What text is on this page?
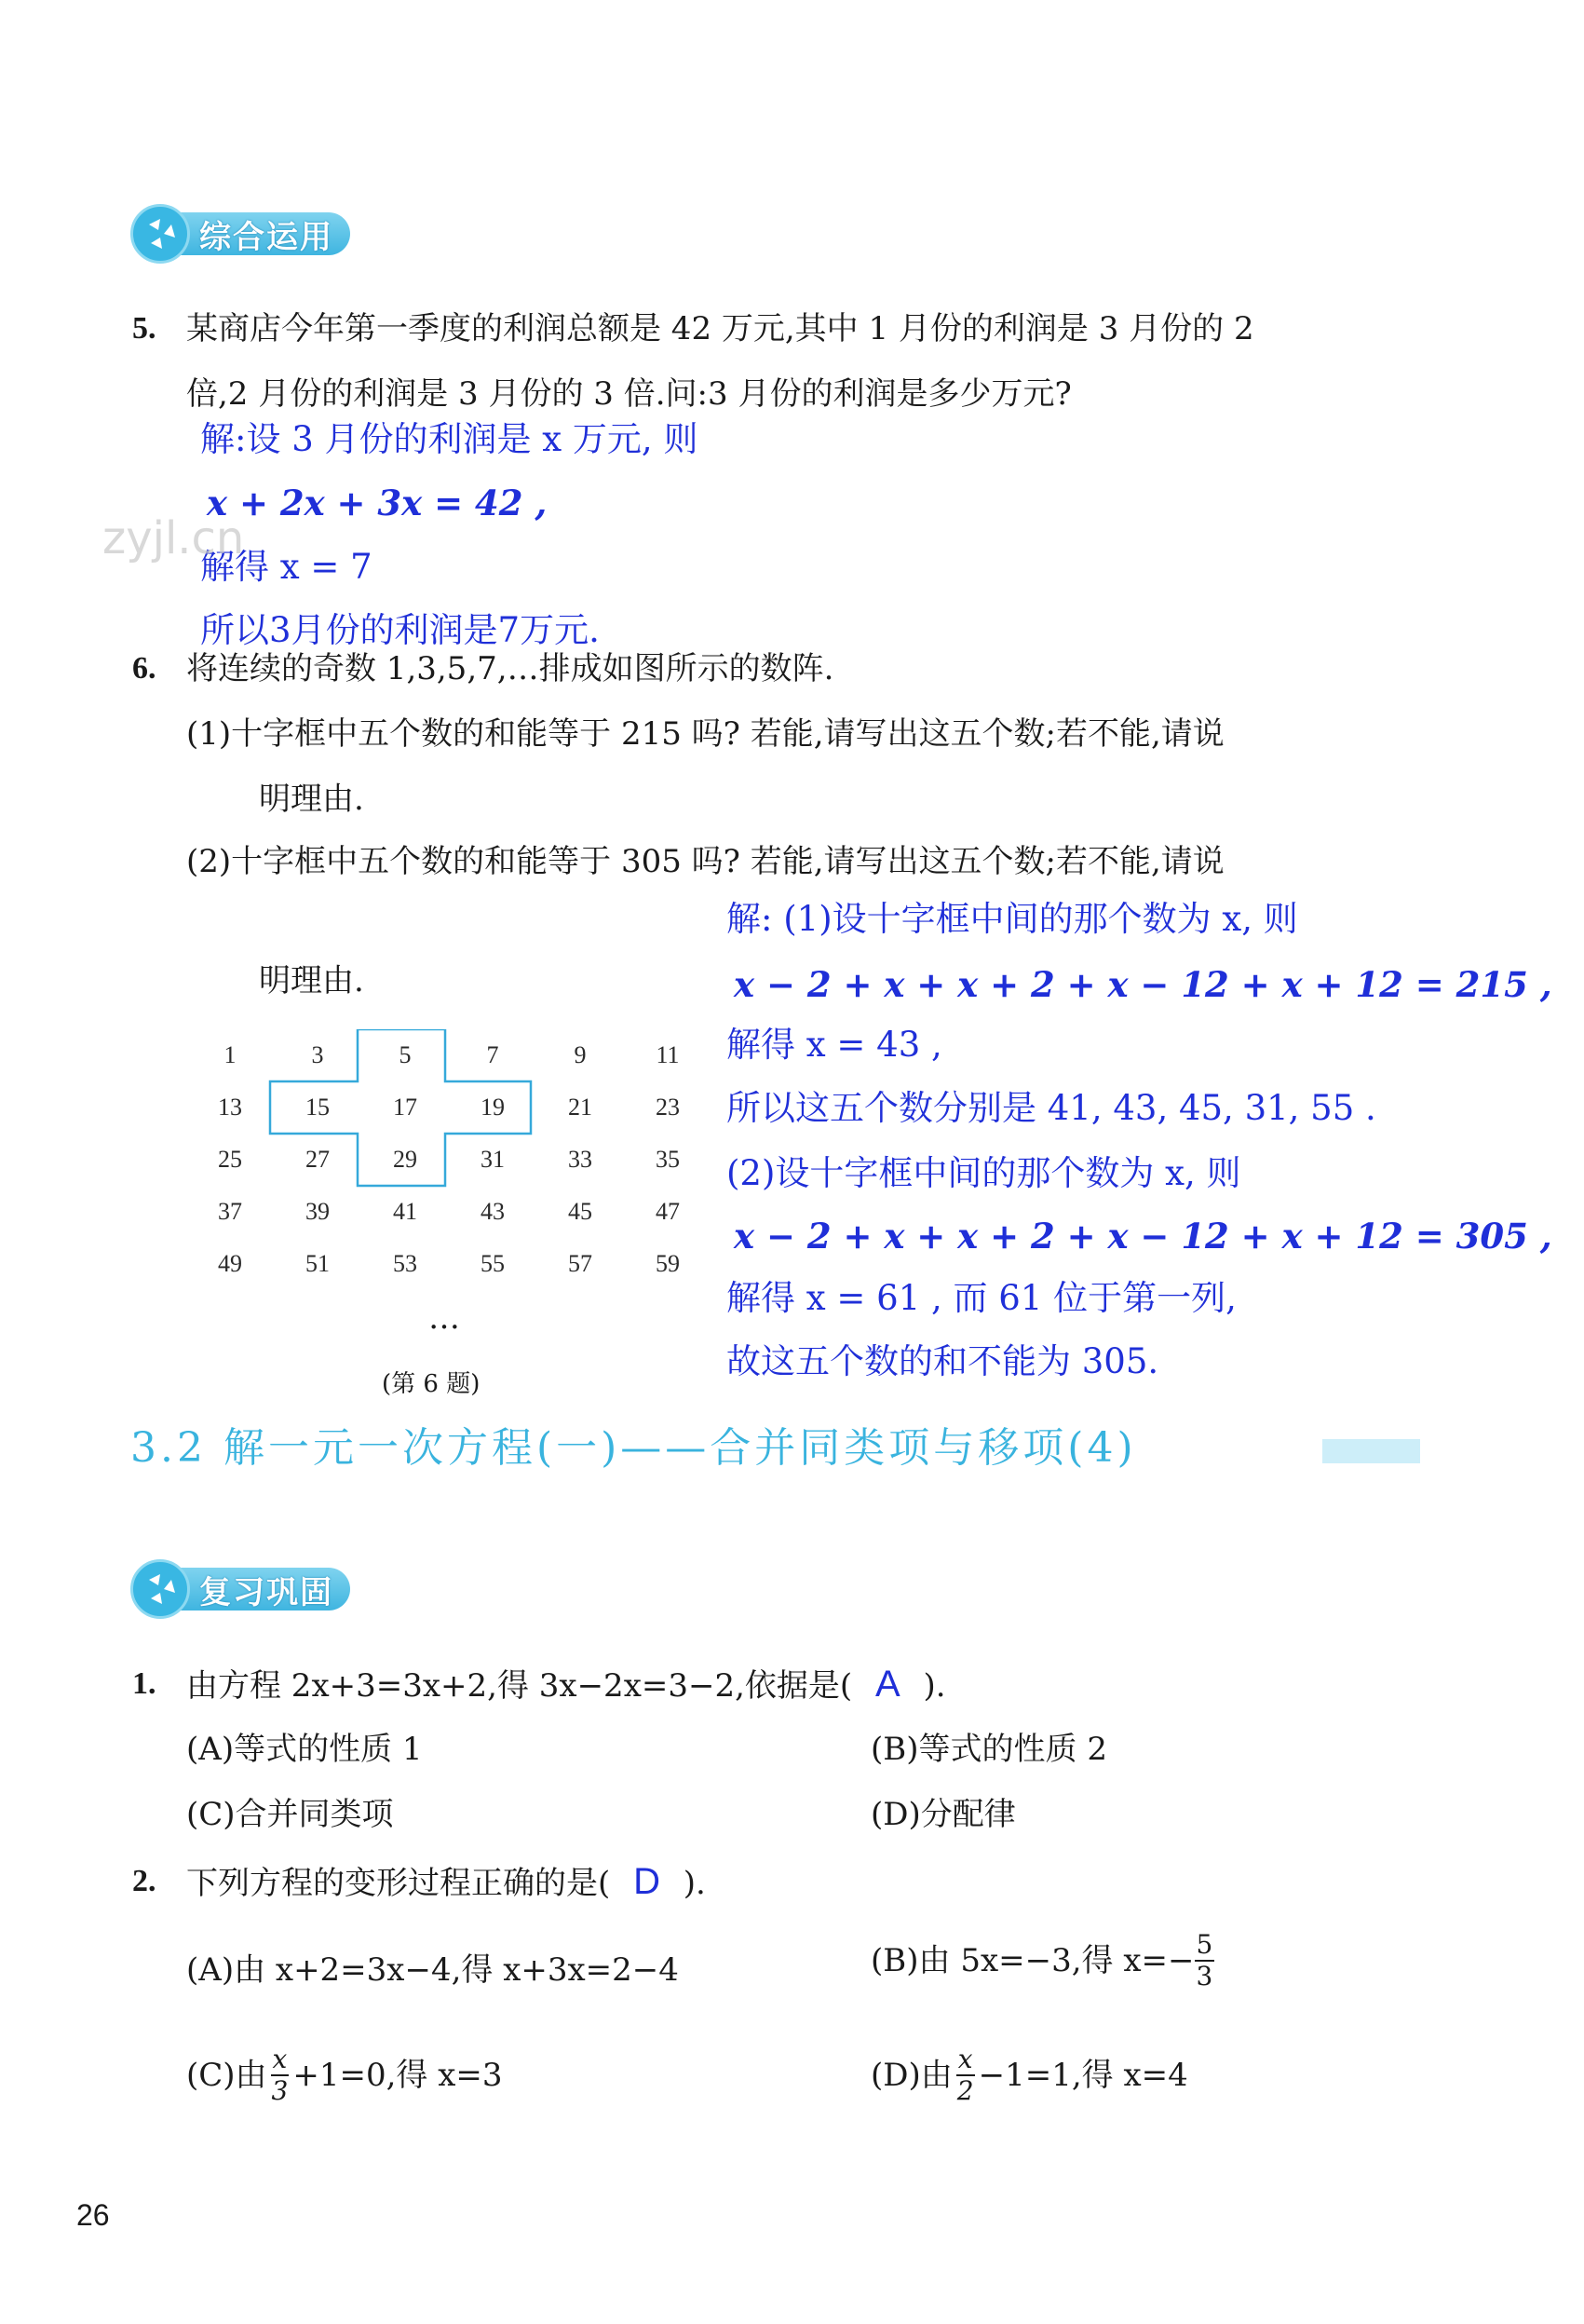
综合运用
5. 某商店今年第一季度的利润总额是 42 万元,其中 1 月份的利润是 3 月份的 2
倍,2 月份的利润是 3 月份的 3 倍.问:3 月份的利润是多少万元?
解:设 3 月份的利润是 x 万元, 则
x + 2x + 3x = 42 ,
解得 x = 7
所以3月份的利润是7万元.
zyjl.cn
6. 将连续的奇数 1,3,5,7,…排成如图所示的数阵.
(1)十字框中五个数的和能等于 215 吗? 若能,请写出这五个数;若不能,请说
明理由.
(2)十字框中五个数的和能等于 305 吗? 若能,请写出这五个数;若不能,请说
明理由.
1	3	5	7	9	11
13	15	17	19	21	23
25	27	29	31	33	35
37	39	41	43	45	47
49	51	53	55	57	59
…
(第 6 题)
解: (1)设十字框中间的那个数为 x, 则
x − 2 + x + x + 2 + x − 12 + x + 12 = 215 ,
解得 x = 43 ,
所以这五个数分别是 41, 43, 45, 31, 55 .
(2)设十字框中间的那个数为 x, 则
x − 2 + x + x + 2 + x − 12 + x + 12 = 305 ,
解得 x = 61 , 而 61 位于第一列,
故这五个数的和不能为 305.
3.2 解一元一次方程(一)——合并同类项与移项(4)
复习巩固
1. 由方程 2x+3=3x+2,得 3x−2x=3−2,依据是( A ).
(A)等式的性质 1	(B)等式的性质 2
(C)合并同类项	(D)分配律
2. 下列方程的变形过程正确的是( D ).
(A)由 x+2=3x−4,得 x+3x=2−4	(B)由 5x=−3,得 $x=- \frac{5}{3}$
(C)由 $\frac{x}{3} +1=0$,得 x=3	(D)由 $\frac{x}{2} -1=1$,得 x=4
26
